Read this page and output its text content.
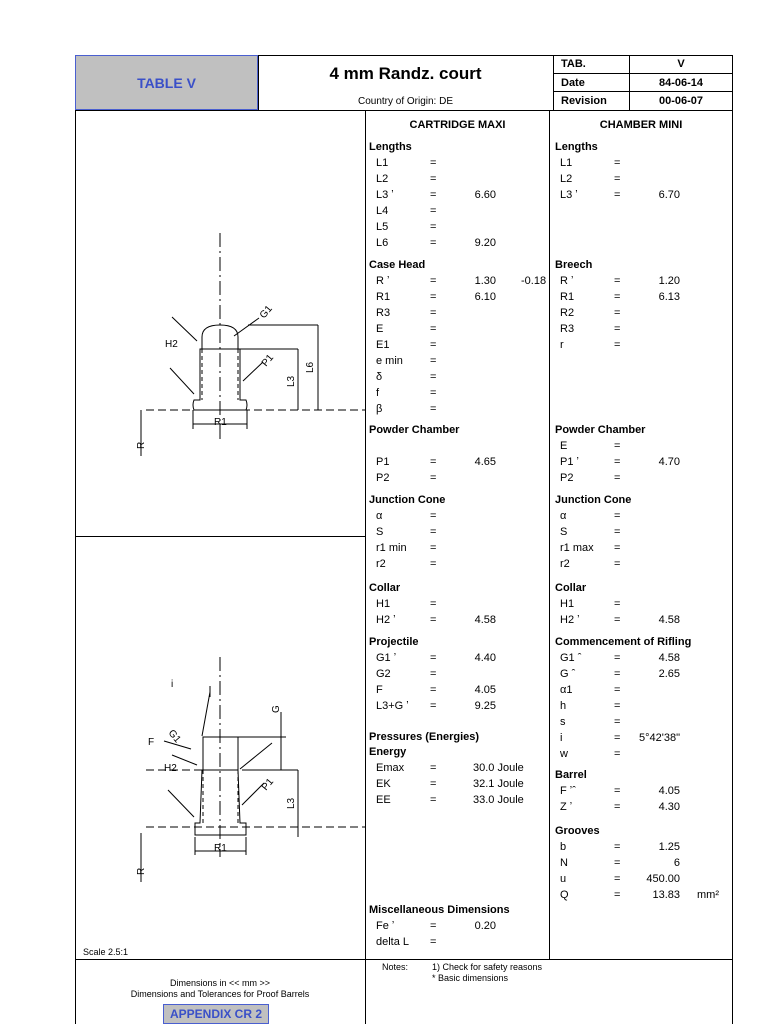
TABLE V	4 mm Randz. court
Country of Origin: DE
TAB.	V
Date	84-06-14
Revision	00-06-07
CARTRIDGE MAXI	CHAMBER MINI
G1
H2
P1
L3
L6
R1
R
i
G
G1
F
H2
P1
L3
R1
R
Scale 2.5:1
Lengths
L1	=
L2	=
L3 ʼ	=	6.60
L4	=
L5	=
L6	=	9.20
Case Head
R ʼ	=	1.30 -0.18
R1	=	6.10
R3	=
E	=
E1	=
e min =
δ	=
f	=
β	=
Powder Chamber
P1	=	4.65
P2	=
Junction Cone
α	=
S	=
r1 min =
r2	=
Collar
H1	=
H2 ʼ	=	4.58
Projectile
G1 ʼ	=	4.40
G2	=
F	=	4.05
L3+G ʼ =	9.25
Pressures (Energies)
Energy
Emax =	30.0 Joule
EK	=	32.1 Joule
EE	=	33.0 Joule
Miscellaneous Dimensions
Fe ʼ	=	0.20
delta L =
Lengths
L1	=
L2	=
L3 ʼ	=	6.70
Breech
R ʼ	=	1.20
R1	=	6.13
R2	=
R3	=
r	=
Powder Chamber
E	=
P1 ʼ	=	4.70
P2	=
Junction Cone
α	=
S	=
r1 max =
r2	=
Collar
H1	=
H2 ʼ	=	4.58
Commencement of Rifling
G1 ˆ	=	4.58
G ˆ	=	2.65
α1	=
h	=
s	=
i	=	5°42'38"
w	=
Barrel
F ʼˆ	=	4.05
Z ʼ	=	4.30
Grooves
b	=	1.25
N	=	6
u	=	450.00
Q	=	13.83 mm²
Dimensions in << mm >>
Dimensions and Tolerances for Proof Barrels
APPENDIX CR 2
Notes:	1) Check for safety reasons
* Basic dimensions
